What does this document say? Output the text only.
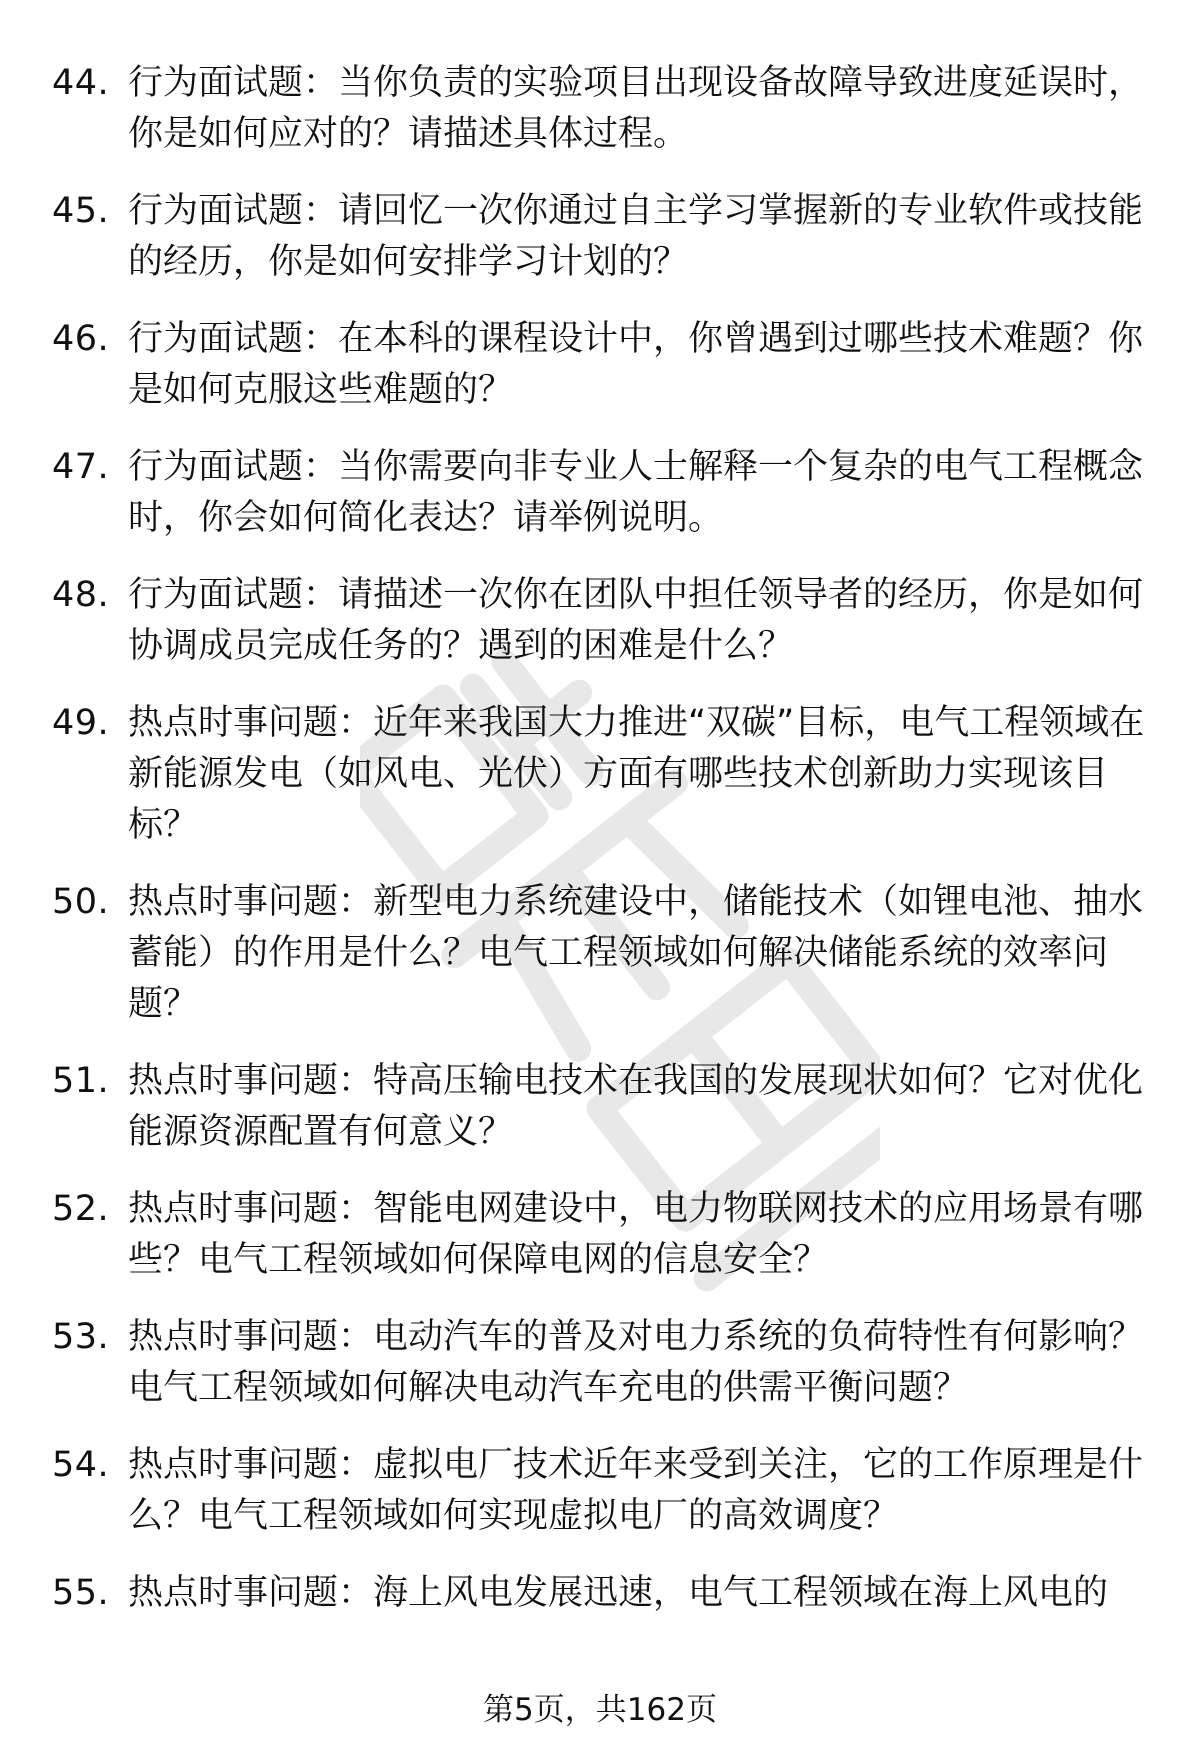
44. 行为面试题：当你负责的实验项目出现设备故障导致进度延误时，你是如何应对的？请描述具体过程。
45. 行为面试题：请回忆一次你通过自主学习掌握新的专业软件或技能的经历，你是如何安排学习计划的？
46. 行为面试题：在本科的课程设计中，你曾遇到过哪些技术难题？你是如何克服这些难题的？
47. 行为面试题：当你需要向非专业人士解释一个复杂的电气工程概念时，你会如何简化表达？请举例说明。
48. 行为面试题：请描述一次你在团队中担任领导者的经历，你是如何协调成员完成任务的？遇到的困难是什么？
49. 热点时事问题：近年来我国大力推进“双碳”目标，电气工程领域在新能源发电（如风电、光伏）方面有哪些技术创新助力实现该目标？
50. 热点时事问题：新型电力系统建设中，储能技术（如锂电池、抽水蓄能）的作用是什么？电气工程领域如何解决储能系统的效率问题？
51. 热点时事问题：特高压输电技术在我国的发展现状如何？它对优化能源资源配置有何意义？
52. 热点时事问题：智能电网建设中，电力物联网技术的应用场景有哪些？电气工程领域如何保障电网的信息安全？
53. 热点时事问题：电动汽车的普及对电力系统的负荷特性有何影响？电气工程领域如何解决电动汽车充电的供需平衡问题？
54. 热点时事问题：虚拟电厂技术近年来受到关注，它的工作原理是什么？电气工程领域如何实现虚拟电厂的高效调度？
55. 热点时事问题：海上风电发展迅速，电气工程领域在海上风电的
第5页，共162页
